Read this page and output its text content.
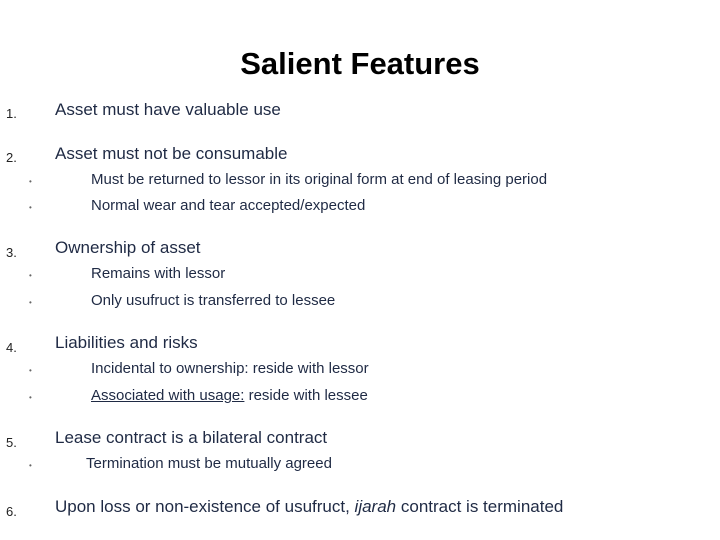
Salient Features
1. Asset must have valuable use
2. Asset must not be consumable
•	Must be returned to lessor in its original form at end of leasing period
•	Normal wear and tear accepted/expected
3. Ownership of asset
•	Remains with lessor
•	Only usufruct is transferred to lessee
4. Liabilities and risks
•	Incidental to ownership: reside with lessor
•	Associated with usage: reside with lessee
5. Lease contract is a bilateral contract
•	Termination must be mutually agreed
6. Upon loss or non-existence of usufruct, ijarah contract is terminated
